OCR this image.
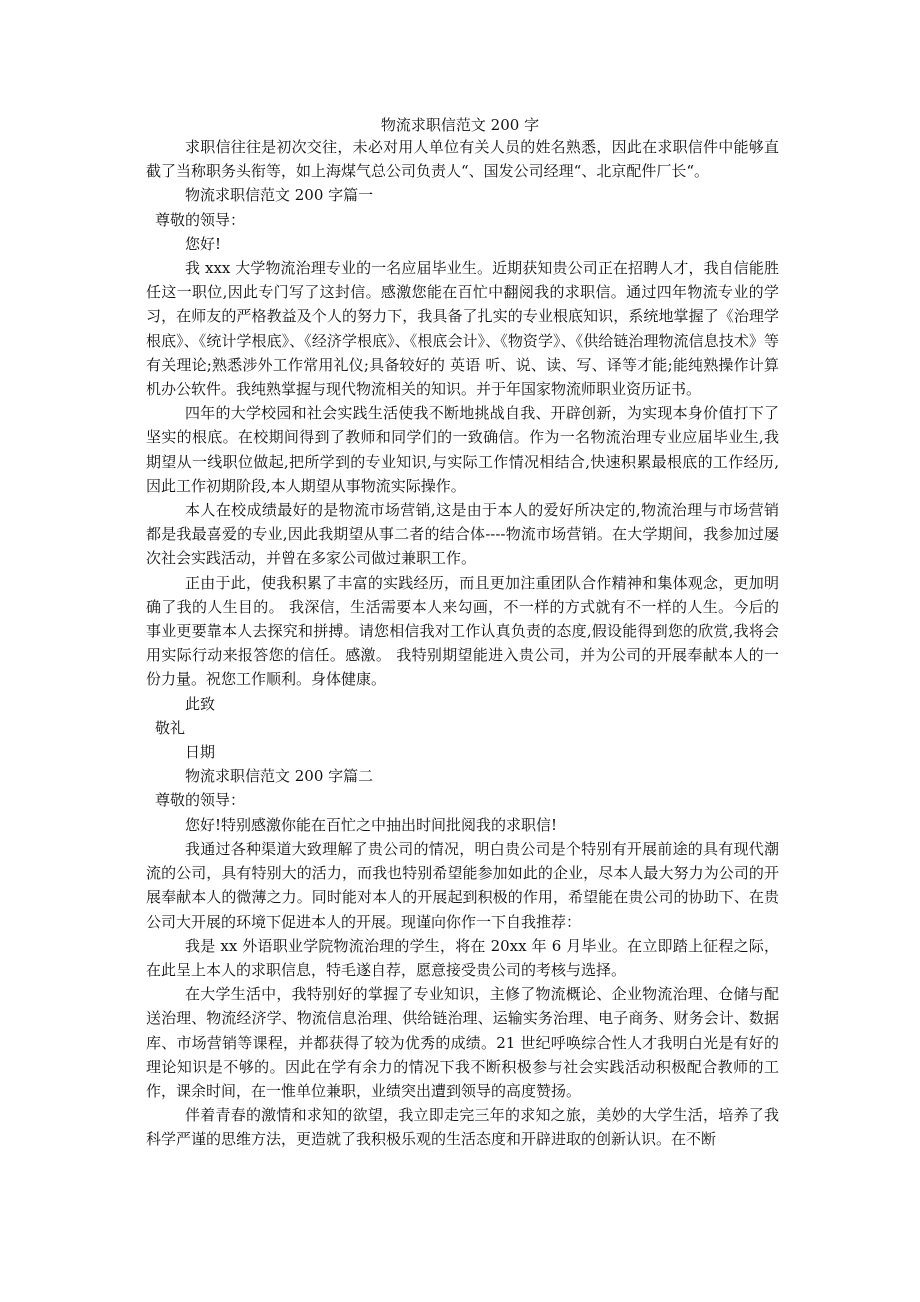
物流求职信范文 200 字

求职信往往是初次交往，未必对用人单位有关人员的姓名熟悉，因此在求职信件中能够直截了当称职务头衔等，如上海煤气总公司负责人“、国发公司经理“、北京配件厂长“。

物流求职信范文 200 字篇一

尊敬的领导：

您好!

我 xxx 大学物流治理专业的一名应届毕业生。近期获知贵公司正在招聘人才，我自信能胜任这一职位,因此专门写了这封信。感激您能在百忙中翻阅我的求职信。通过四年物流专业的学习，在师友的严格教益及个人的努力下，我具备了扎实的专业根底知识，系统地掌握了《治理学根底》、《统计学根底》、《经济学根底》、《根底会计》、《物资学》、《供给链治理物流信息技术》等有关理论;熟悉涉外工作常用礼仪;具备较好的 英语 听、说、读、写、译等才能;能纯熟操作计算机办公软件。我纯熟掌握与现代物流相关的知识。并于年国家物流师职业资历证书。

四年的大学校园和社会实践生活使我不断地挑战自我、开辟创新，为实现本身价值打下了坚实的根底。在校期间得到了教师和同学们的一致确信。作为一名物流治理专业应届毕业生,我期望从一线职位做起,把所学到的专业知识,与实际工作情况相结合,快速积累最根底的工作经历,因此工作初期阶段,本人期望从事物流实际操作。

本人在校成绩最好的是物流市场营销,这是由于本人的爱好所决定的,物流治理与市场营销都是我最喜爱的专业,因此我期望从事二者的结合体----物流市场营销。在大学期间，我参加过屡次社会实践活动，并曾在多家公司做过兼职工作。

正由于此，使我积累了丰富的实践经历，而且更加注重团队合作精神和集体观念，更加明确了我的人生目的。 我深信，生活需要本人来勾画，不一样的方式就有不一样的人生。今后的事业更要靠本人去探究和拼搏。请您相信我对工作认真负责的态度,假设能得到您的欣赏,我将会用实际行动来报答您的信任。感激。 我特别期望能进入贵公司，并为公司的开展奉献本人的一份力量。祝您工作顺利。身体健康。

此致

敬礼

日期

物流求职信范文 200 字篇二

尊敬的领导：

您好!特别感激你能在百忙之中抽出时间批阅我的求职信!

我通过各种渠道大致理解了贵公司的情况，明白贵公司是个特别有开展前途的具有现代潮流的公司，具有特别大的活力，而我也特别希望能参加如此的企业，尽本人最大努力为公司的开展奉献本人的微薄之力。同时能对本人的开展起到积极的作用，希望能在贵公司的协助下、在贵公司大开展的环境下促进本人的开展。现谨向你作一下自我推荐：

我是 xx 外语职业学院物流治理的学生，将在 20xx 年 6 月毕业。在立即踏上征程之际，在此呈上本人的求职信息，特毛遂自荐，愿意接受贵公司的考核与选择。

在大学生活中，我特别好的掌握了专业知识，主修了物流概论、企业物流治理、仓储与配送治理、物流经济学、物流信息治理、供给链治理、运输实务治理、电子商务、财务会计、数据库、市场营销等课程，并都获得了较为优秀的成绩。21 世纪呼唤综合性人才我明白光是有好的理论知识是不够的。因此在学有余力的情况下我不断积极参与社会实践活动积极配合教师的工作，课余时间，在一惟单位兼职，业绩突出遭到领导的高度赞扬。

伴着青春的激情和求知的欲望，我立即走完三年的求知之旅，美妙的大学生活，培养了我科学严谨的思维方法，更造就了我积极乐观的生活态度和开辟进取的创新认识。在不断
